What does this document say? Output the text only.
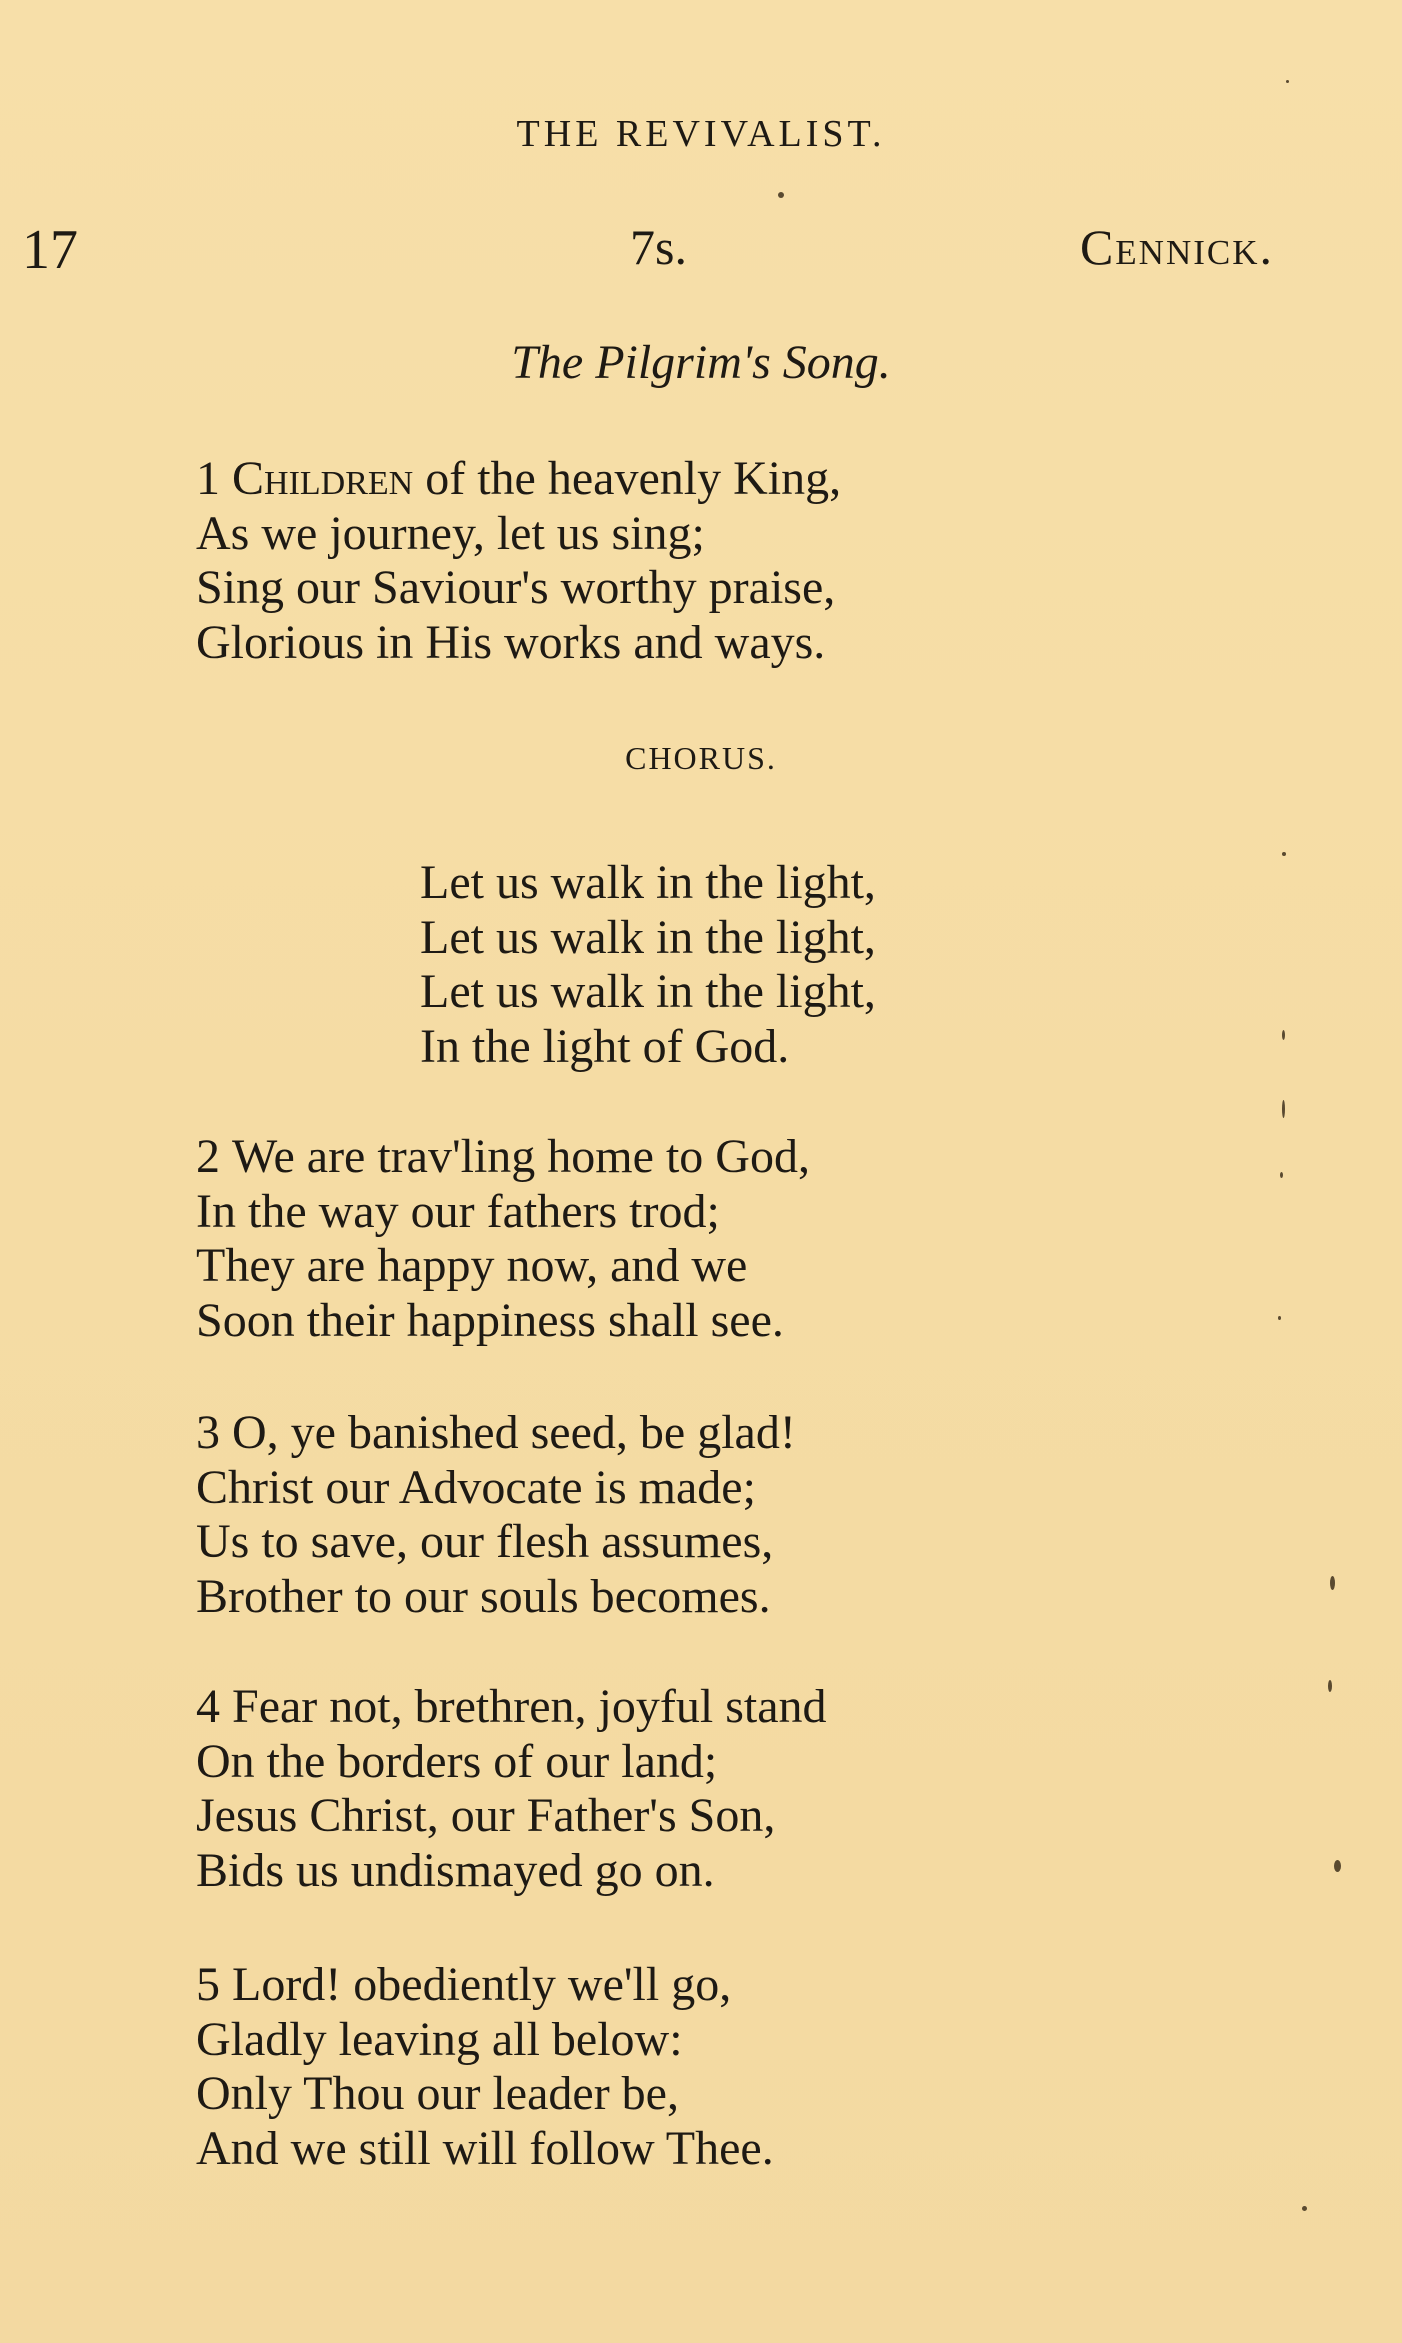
THE REVIVALIST.
17	7s.	Cennick.
The Pilgrim's Song.
1 Children of the heavenly King,
As we journey, let us sing;
Sing our Saviour's worthy praise,
Glorious in His works and ways.
CHORUS.
Let us walk in the light,
Let us walk in the light,
Let us walk in the light,
In the light of God.
2 We are trav'ling home to God,
In the way our fathers trod;
They are happy now, and we
Soon their happiness shall see.
3 O, ye banished seed, be glad!
Christ our Advocate is made;
Us to save, our flesh assumes,
Brother to our souls becomes.
4 Fear not, brethren, joyful stand
On the borders of our land;
Jesus Christ, our Father's Son,
Bids us undismayed go on.
5 Lord! obediently we'll go,
Gladly leaving all below:
Only Thou our leader be,
And we still will follow Thee.
